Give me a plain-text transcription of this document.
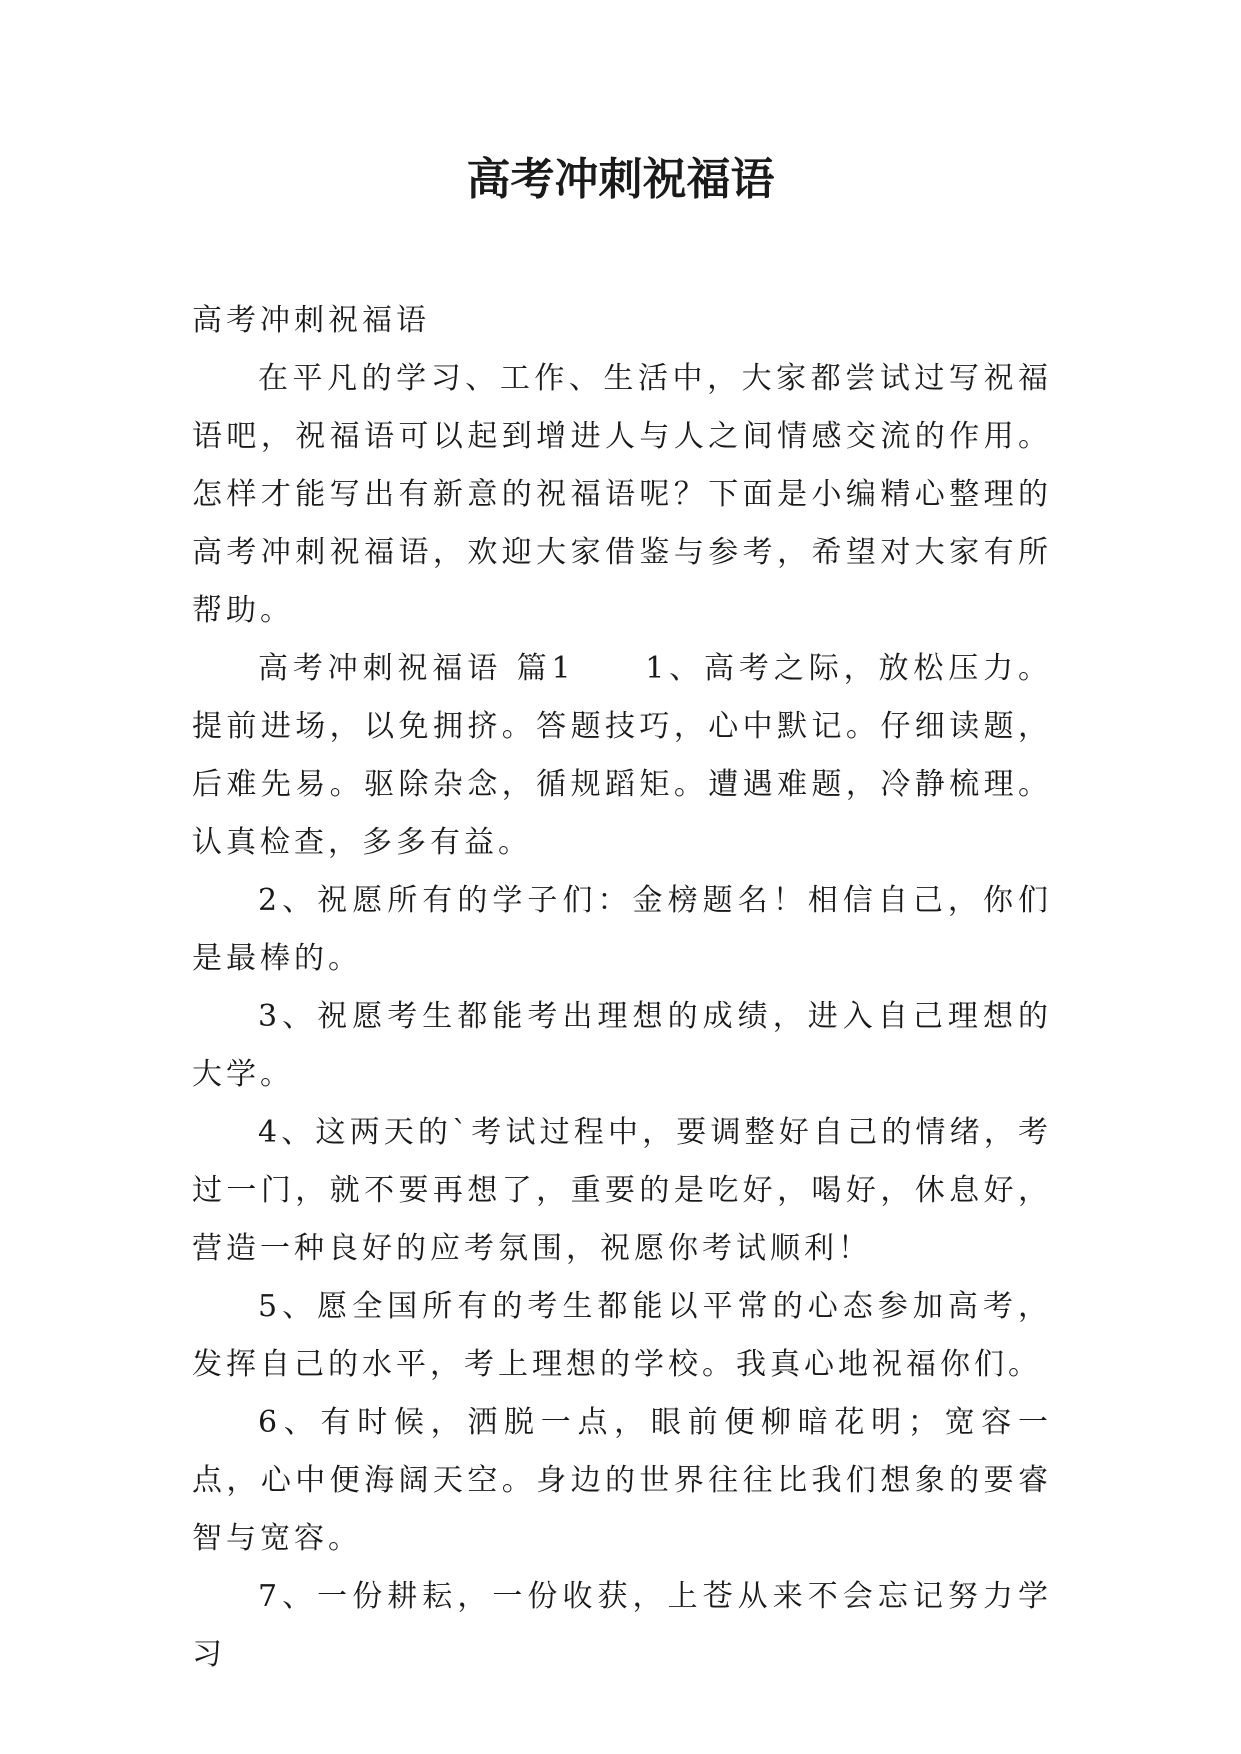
高考冲刺祝福语

高考冲刺祝福语

在平凡的学习、工作、生活中，大家都尝试过写祝福语吧，祝福语可以起到增进人与人之间情感交流的作用。怎样才能写出有新意的祝福语呢？下面是小编精心整理的高考冲刺祝福语，欢迎大家借鉴与参考，希望对大家有所帮助。

高考冲刺祝福语 篇1　　1、高考之际，放松压力。提前进场，以免拥挤。答题技巧，心中默记。仔细读题，后难先易。驱除杂念，循规蹈矩。遭遇难题，冷静梳理。认真检查，多多有益。

2、祝愿所有的学子们：金榜题名！相信自己，你们是最棒的。

3、祝愿考生都能考出理想的成绩，进入自己理想的大学。

4、这两天的`考试过程中，要调整好自己的情绪，考过一门，就不要再想了，重要的是吃好，喝好，休息好，营造一种良好的应考氛围，祝愿你考试顺利！

5、愿全国所有的考生都能以平常的心态参加高考，发挥自己的水平，考上理想的学校。我真心地祝福你们。

6、有时候，洒脱一点，眼前便柳暗花明；宽容一点，心中便海阔天空。身边的世界往往比我们想象的要睿智与宽容。

7、一份耕耘，一份收获，上苍从来不会忘记努力学习
